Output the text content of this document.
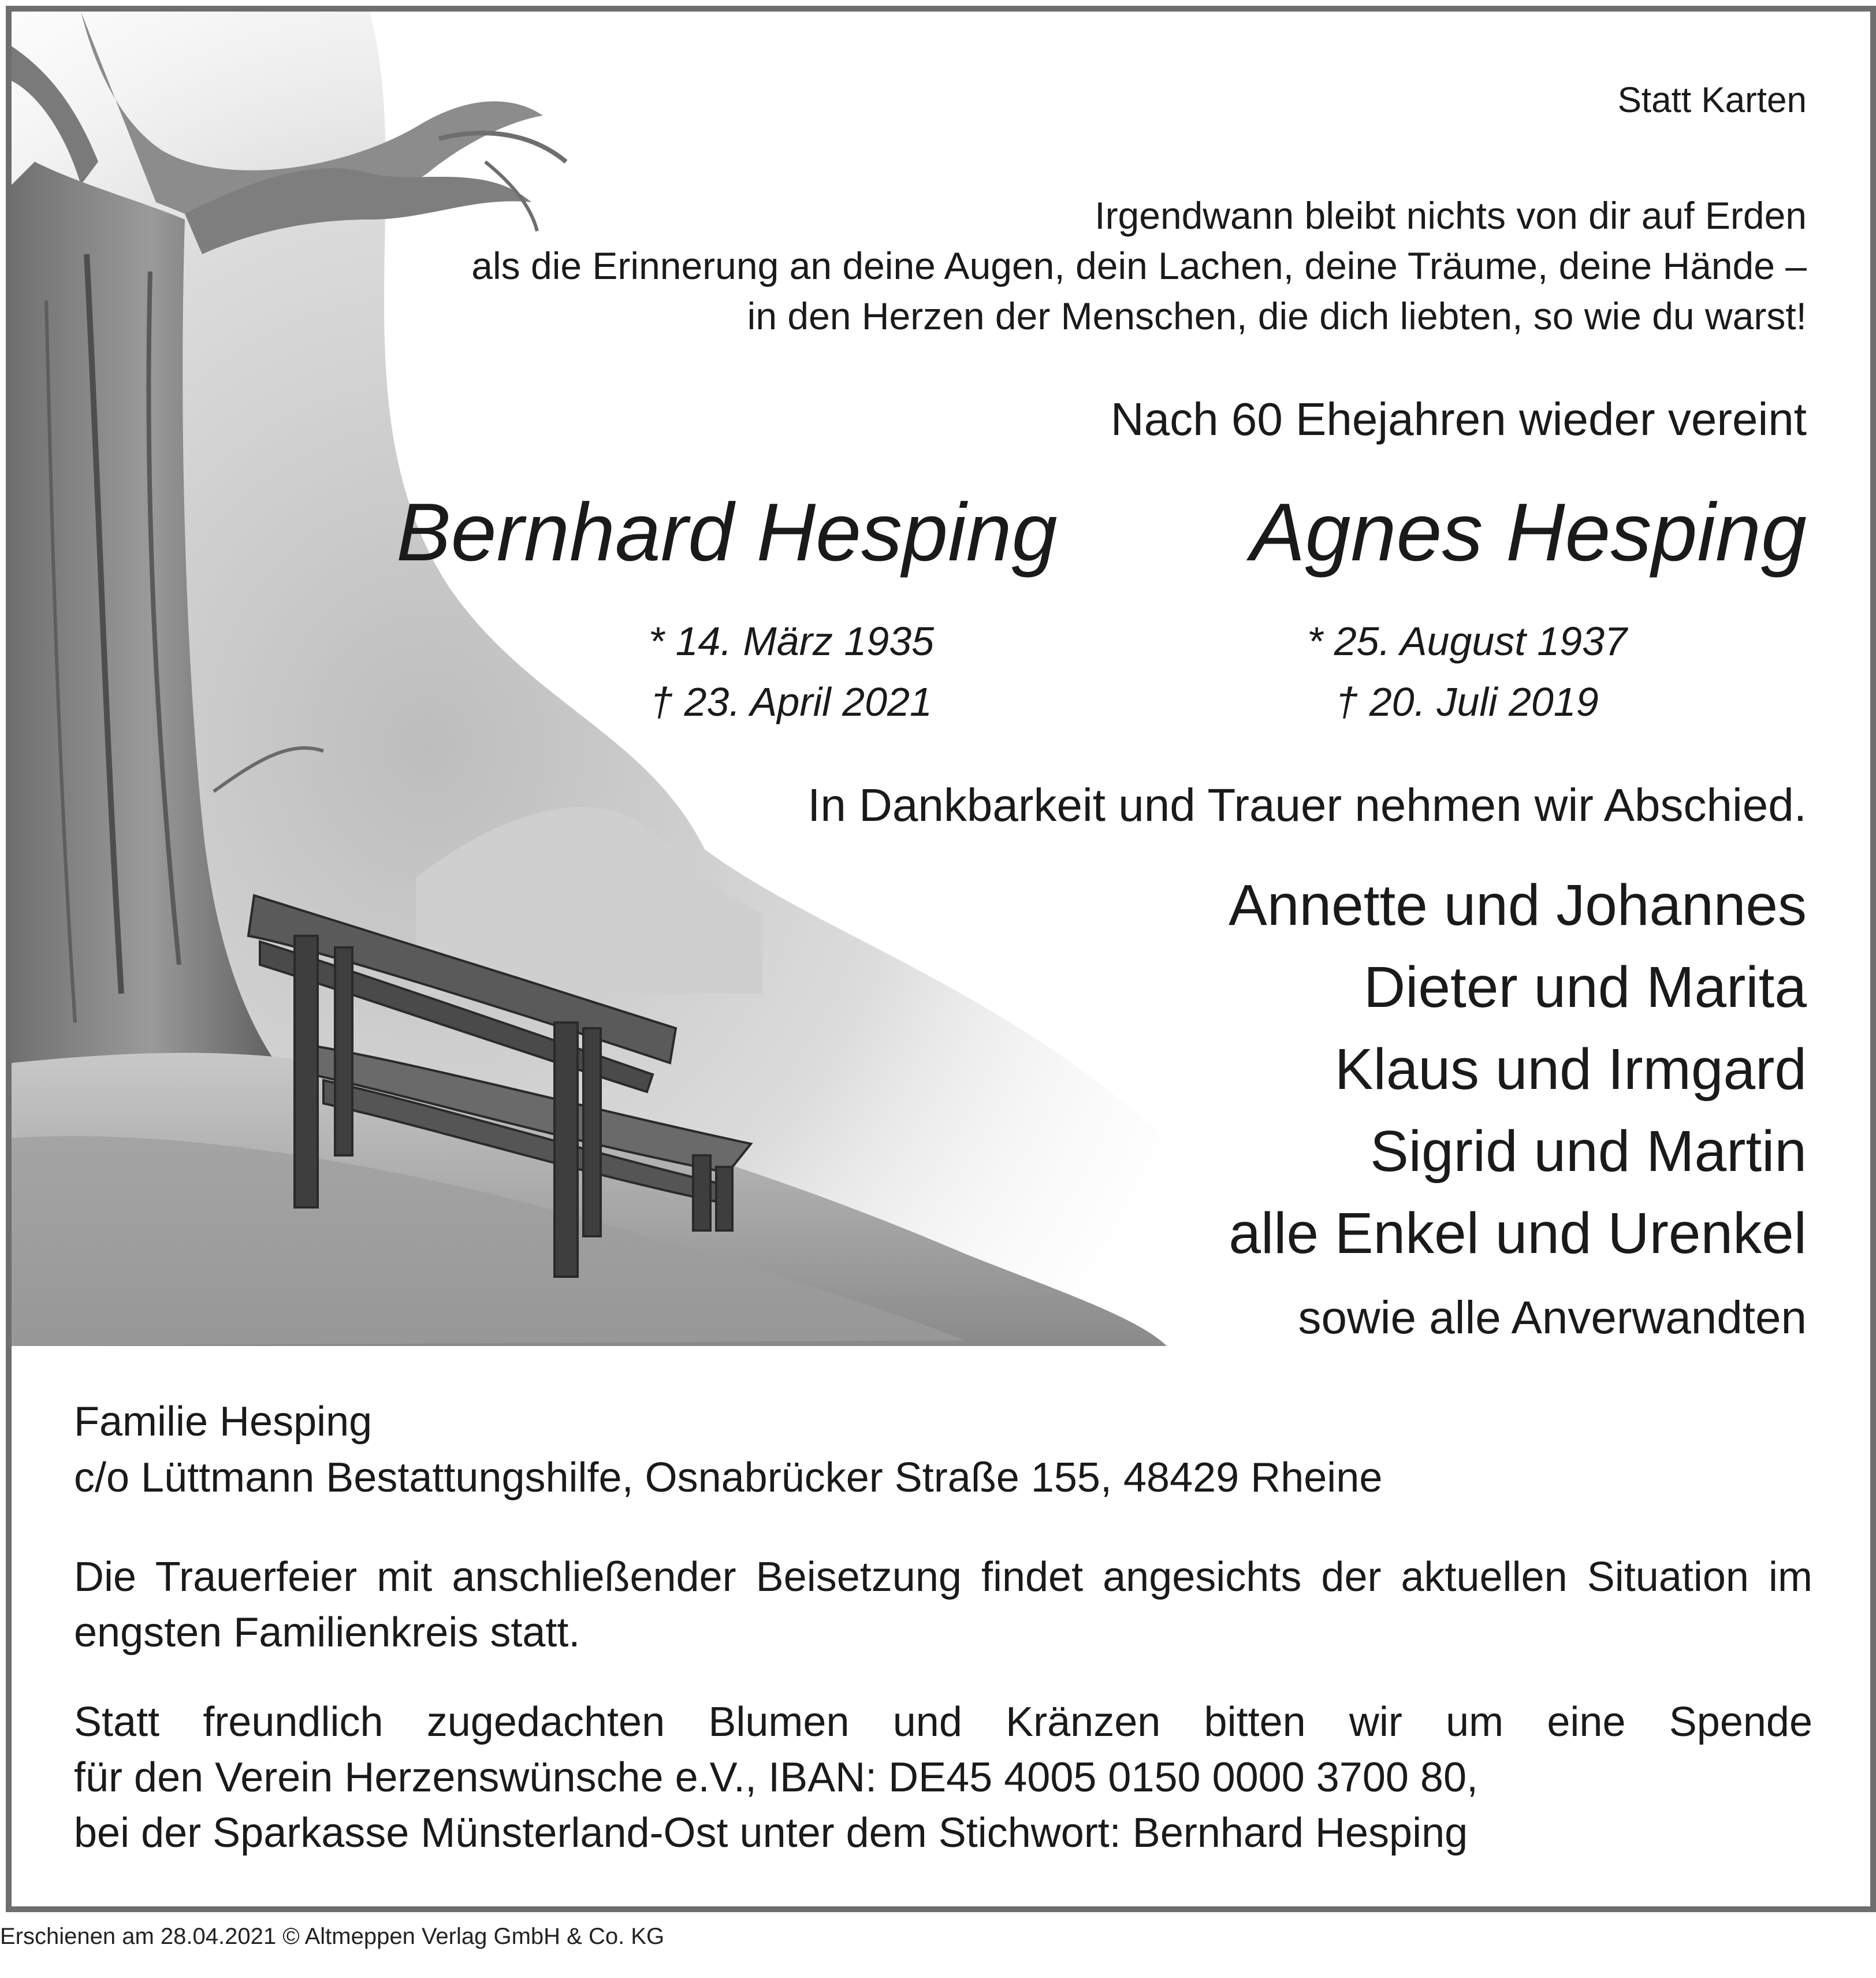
Statt Karten
Irgendwann bleibt nichts von dir auf Erden
als die Erinnerung an deine Augen, dein Lachen, deine Träume, deine Hände –
in den Herzen der Menschen, die dich liebten, so wie du warst!
Nach 60 Ehejahren wieder vereint
Bernhard Hesping Agnes Hesping
* 14. März 1935
† 23. April 2021
* 25. August 1937
† 20. Juli 2019
In Dankbarkeit und Trauer nehmen wir Abschied.
Annette und Johannes
Dieter und Marita
Klaus und Irmgard
Sigrid und Martin
alle Enkel und Urenkel
sowie alle Anverwandten
Familie Hesping
c/o Lüttmann Bestattungshilfe, Osnabrücker Straße 155, 48429 Rheine
Die Trauerfeier mit anschließender Beisetzung findet angesichts der aktuellen Situation im engsten Familienkreis statt.
Statt freundlich zugedachten Blumen und Kränzen bitten wir um eine Spende
für den Verein Herzenswünsche e.V., IBAN: DE45 4005 0150 0000 3700 80,
bei der Sparkasse Münsterland-Ost unter dem Stichwort: Bernhard Hesping
Erschienen am 28.04.2021 © Altmeppen Verlag GmbH & Co. KG
